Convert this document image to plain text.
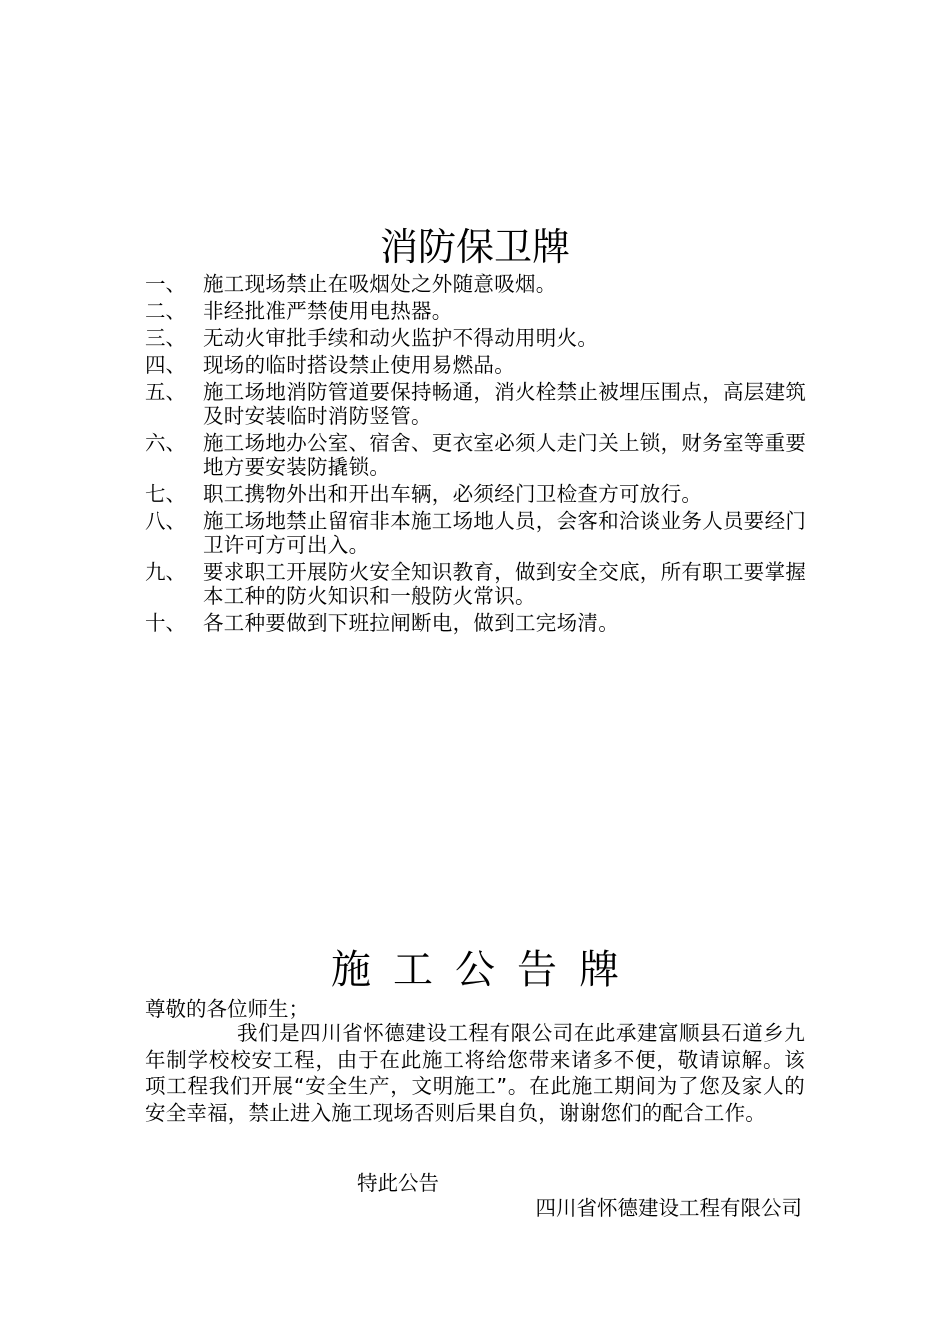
消防保卫牌
一、 施工现场禁止在吸烟处之外随意吸烟。
二、 非经批准严禁使用电热器。
三、 无动火审批手续和动火监护不得动用明火。
四、 现场的临时搭设禁止使用易燃品。
五、 施工场地消防管道要保持畅通，消火栓禁止被埋压围点，高层建筑及时安装临时消防竖管。
六、 施工场地办公室、宿舍、更衣室必须人走门关上锁，财务室等重要地方要安装防撬锁。
七、 职工携物外出和开出车辆，必须经门卫检查方可放行。
八、 施工场地禁止留宿非本施工场地人员，会客和洽谈业务人员要经门卫许可方可出入。
九、 要求职工开展防火安全知识教育，做到安全交底，所有职工要掌握本工种的防火知识和一般防火常识。
十、 各工种要做到下班拉闸断电，做到工完场清。
施工公告牌
尊敬的各位师生；

我们是四川省怀德建设工程有限公司在此承建富顺县石道乡九年制学校校安工程，由于在此施工将给您带来诸多不便，敬请谅解。该项工程我们开展“安全生产，文明施工”。在此施工期间为了您及家人的安全幸福，禁止进入施工现场否则后果自负，谢谢您们的配合工作。

特此公告
四川省怀德建设工程有限公司
